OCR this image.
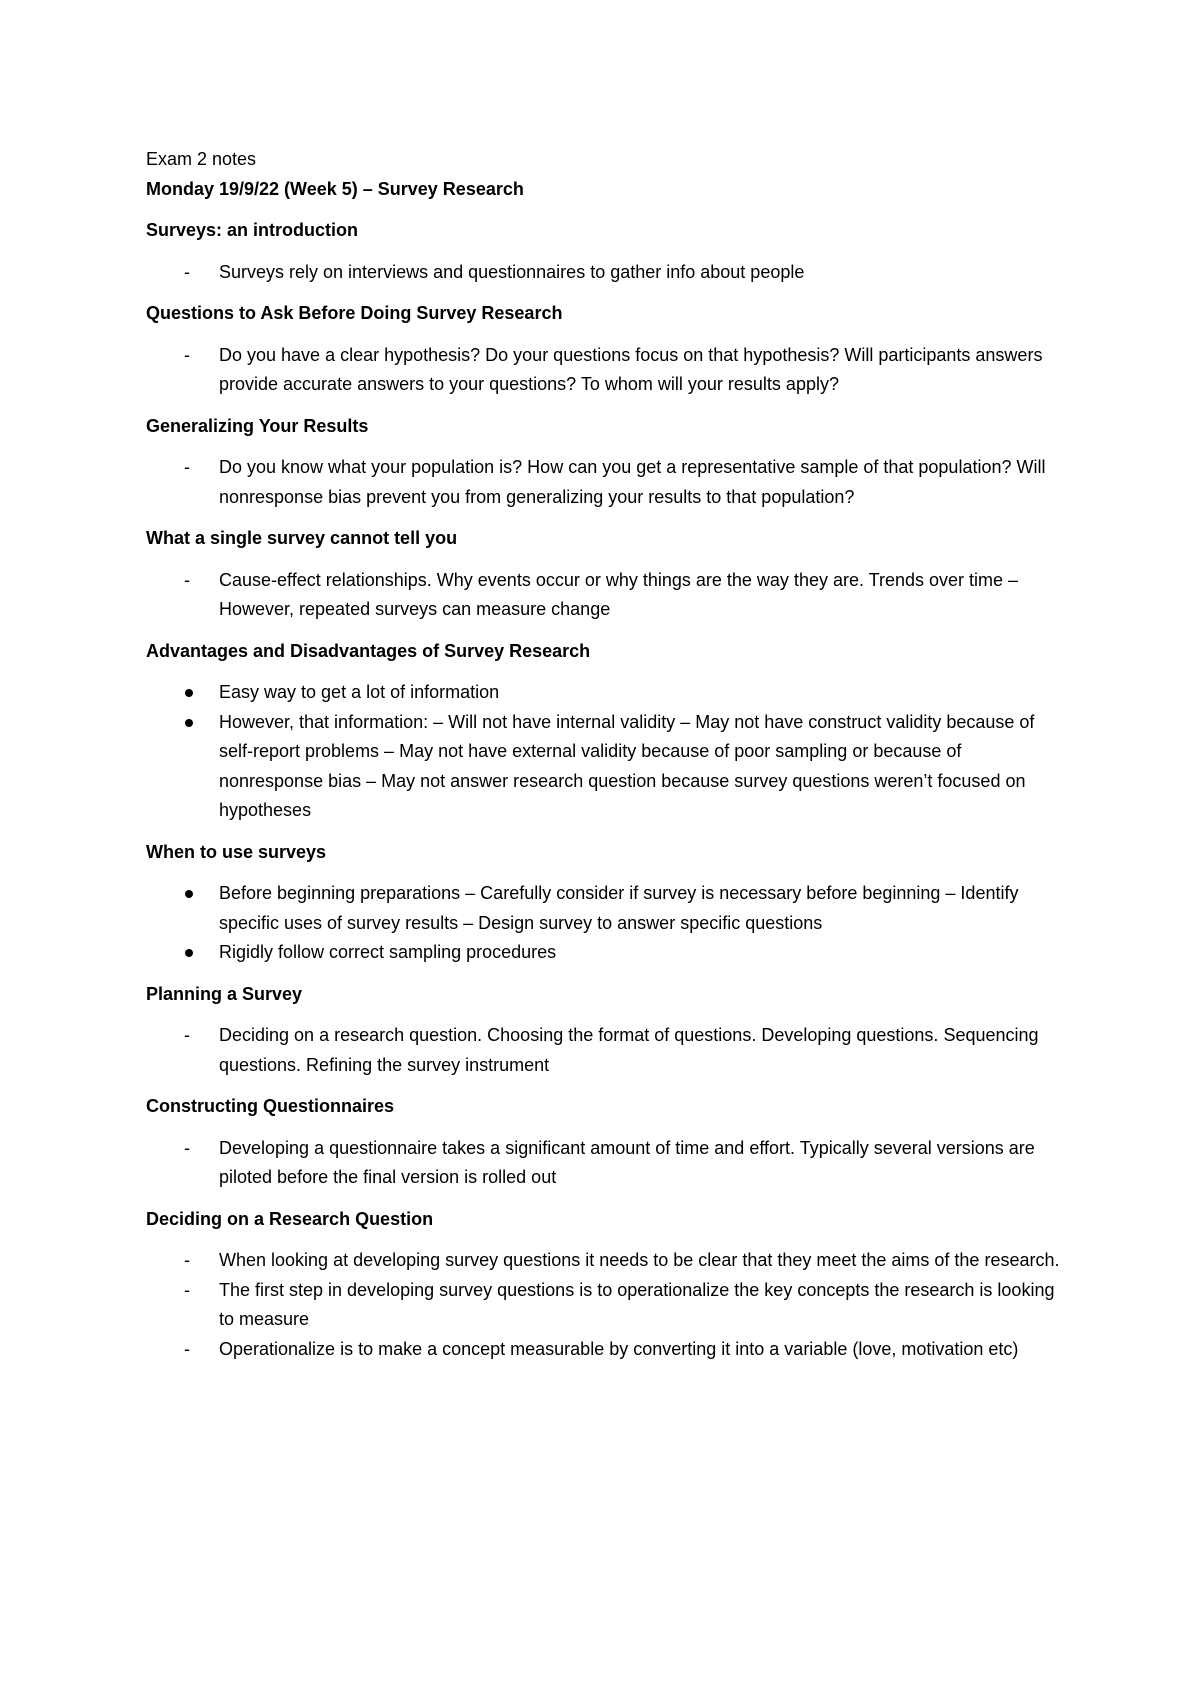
Exam 2 notes

Monday 19/9/22 (Week 5) – Survey Research

Surveys: an introduction

-
Surveys rely on interviews and questionnaires to gather info about people

Questions to Ask Before Doing Survey Research

-
Do you have a clear hypothesis? Do your questions focus on that hypothesis? Will participants answers provide accurate answers to your questions? To whom will your results apply?

Generalizing Your Results

-
Do you know what your population is? How can you get a representative sample of that population? Will nonresponse bias prevent you from generalizing your results to that population?

What a single survey cannot tell you

-
Cause-effect relationships. Why events occur or why things are the way they are. Trends over time –However, repeated surveys can measure change

Advantages and Disadvantages of Survey Research

Easy way to get a lot of information
However, that information: – Will not have internal validity – May not have construct validity because of self-report problems – May not have external validity because of poor sampling or because of nonresponse bias – May not answer research question because survey questions weren’t focused on hypotheses

When to use surveys

Before beginning preparations – Carefully consider if survey is necessary before beginning – Identify specific uses of survey results – Design survey to answer specific questions
Rigidly follow correct sampling procedures

Planning a Survey

-
Deciding on a research question. Choosing the format of questions. Developing questions. Sequencing questions. Refining the survey instrument

Constructing Questionnaires

-
Developing a questionnaire takes a significant amount of time and effort. Typically several versions are piloted before the final version is rolled out

Deciding on a Research Question

-
When looking at developing survey questions it needs to be clear that they meet the aims of the research.
-
The first step in developing survey questions is to operationalize the key concepts the research is looking to measure
-
Operationalize is to make a concept measurable by converting it into a variable (love, motivation etc)
